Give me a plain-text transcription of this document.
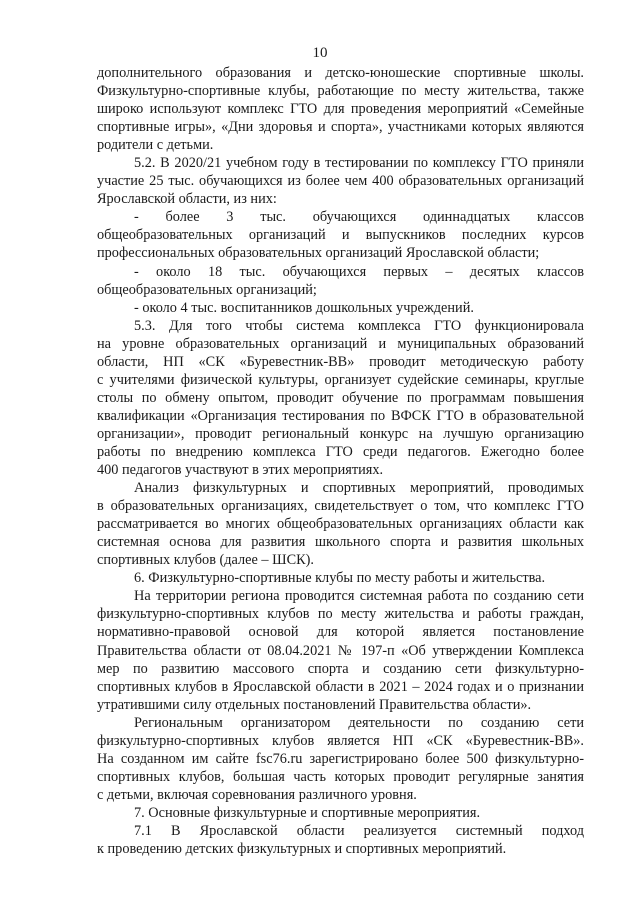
10
дополнительного образования и детско-юношеские спортивные школы.
Физкультурно-спортивные клубы, работающие по месту жительства, также
широко используют комплекс ГТО для проведения мероприятий «Семейные
спортивные игры», «Дни здоровья и спорта», участниками которых являются
родители с детьми.
5.2. В 2020/21 учебном году в тестировании по комплексу ГТО приняли
участие 25 тыс. обучающихся из более чем 400 образовательных организаций
Ярославской области, из них:
- более 3 тыс. обучающихся одиннадцатых классов
общеобразовательных организаций и выпускников последних курсов
профессиональных образовательных организаций Ярославской области;
- около 18 тыс. обучающихся первых – десятых классов
общеобразовательных организаций;
- около 4 тыс. воспитанников дошкольных учреждений.
5.3. Для того чтобы система комплекса ГТО функционировала
на уровне образовательных организаций и муниципальных образований
области, НП «СК «Буревестник-ВВ» проводит методическую работу
с учителями физической культуры, организует судейские семинары, круглые
столы по обмену опытом, проводит обучение по программам повышения
квалификации «Организация тестирования по ВФСК ГТО в образовательной
организации», проводит региональный конкурс на лучшую организацию
работы по внедрению комплекса ГТО среди педагогов. Ежегодно более
400 педагогов участвуют в этих мероприятиях.
Анализ физкультурных и спортивных мероприятий, проводимых
в образовательных организациях, свидетельствует о том, что комплекс ГТО
рассматривается во многих общеобразовательных организациях области как
системная основа для развития школьного спорта и развития школьных
спортивных клубов (далее – ШСК).
6. Физкультурно-спортивные клубы по месту работы и жительства.
На территории региона проводится системная работа по созданию сети
физкультурно-спортивных клубов по месту жительства и работы граждан,
нормативно-правовой основой для которой является постановление
Правительства области от 08.04.2021 № 197-п «Об утверждении Комплекса
мер по развитию массового спорта и созданию сети физкультурно-
спортивных клубов в Ярославской области в 2021 – 2024 годах и о признании
утратившими силу отдельных постановлений Правительства области».
Региональным организатором деятельности по созданию сети
физкультурно-спортивных клубов является НП «СК «Буревестник-ВВ».
На созданном им сайте fsc76.ru зарегистрировано более 500 физкультурно-
спортивных клубов, большая часть которых проводит регулярные занятия
с детьми, включая соревнования различного уровня.
7. Основные физкультурные и спортивные мероприятия.
7.1 В Ярославской области реализуется системный подход
к проведению детских физкультурных и спортивных мероприятий.
